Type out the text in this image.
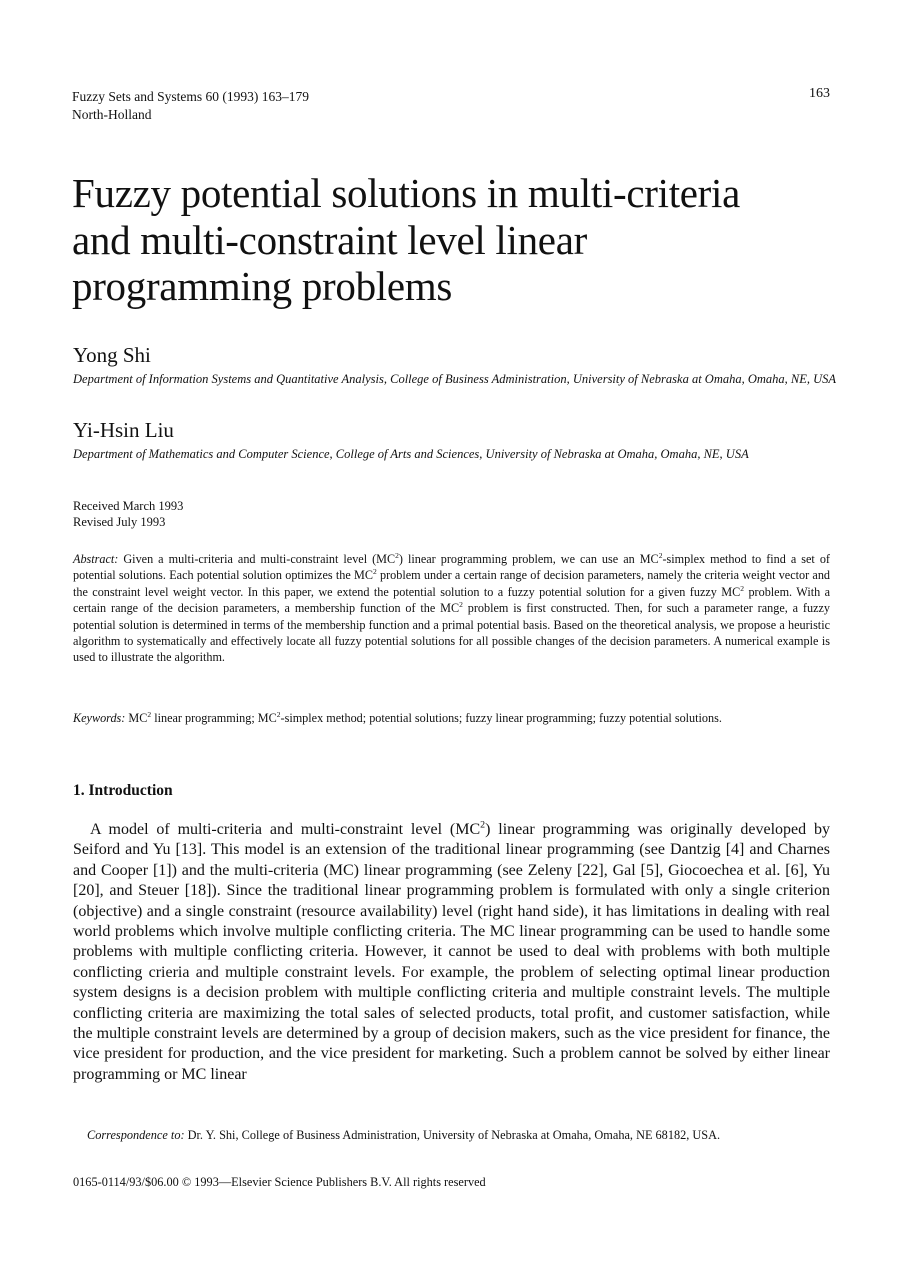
Fuzzy Sets and Systems 60 (1993) 163–179
North-Holland
163
Fuzzy potential solutions in multi-criteria
and multi-constraint level linear
programming problems
Yong Shi
Department of Information Systems and Quantitative Analysis, College of Business Administration, University of Nebraska at Omaha, Omaha, NE, USA
Yi-Hsin Liu
Department of Mathematics and Computer Science, College of Arts and Sciences, University of Nebraska at Omaha, Omaha, NE, USA
Received March 1993
Revised July 1993

Abstract: Given a multi-criteria and multi-constraint level $(MC^2)$ linear programming problem, we can use an $MC^2$-simplex method to find a set of potential solutions. Each potential solution optimizes the $MC^2$ problem under a certain range of decision parameters, namely the criteria weight vector and the constraint level weight vector. In this paper, we extend the potential solution to a fuzzy potential solution for a given fuzzy $MC^2$ problem. With a certain range of the decision parameters, a membership function of the $MC^2$ problem is first constructed. Then, for such a parameter range, a fuzzy potential solution is determined in terms of the membership function and a primal potential basis. Based on the theoretical analysis, we propose a heuristic algorithm to systematically and effectively locate all fuzzy potential solutions for all possible changes of the decision parameters. A numerical example is used to illustrate the algorithm.

Keywords: $MC^2$ linear programming; $MC^2$-simplex method; potential solutions; fuzzy linear programming; fuzzy potential solutions.

1. Introduction

A model of multi-criteria and multi-constraint level $(MC^2)$ linear programming was originally developed by Seiford and Yu [13]. This model is an extension of the traditional linear programming (see Dantzig [4] and Charnes and Cooper [1]) and the multi-criteria (MC) linear programming (see Zeleny [22], Gal [5], Giocoechea et al. [6], Yu [20], and Steuer [18]). Since the traditional linear programming problem is formulated with only a single criterion (objective) and a single constraint (resource availability) level (right hand side), it has limitations in dealing with real world problems which involve multiple conflicting criteria. The MC linear programming can be used to handle some problems with multiple conflicting criteria. However, it cannot be used to deal with problems with both multiple conflicting crieria and multiple constraint levels. For example, the problem of selecting optimal linear production system designs is a decision problem with multiple conflicting criteria and multiple constraint levels. The multiple conflicting criteria are maximizing the total sales of selected products, total profit, and customer satisfaction, while the multiple constraint levels are determined by a group of decision makers, such as the vice president for finance, the vice president for production, and the vice president for marketing. Such a problem cannot be solved by either linear programming or MC linear

Correspondence to: Dr. Y. Shi, College of Business Administration, University of Nebraska at Omaha, Omaha, NE 68182, USA.

0165-0114/93/$06.00 © 1993—Elsevier Science Publishers B.V. All rights reserved
